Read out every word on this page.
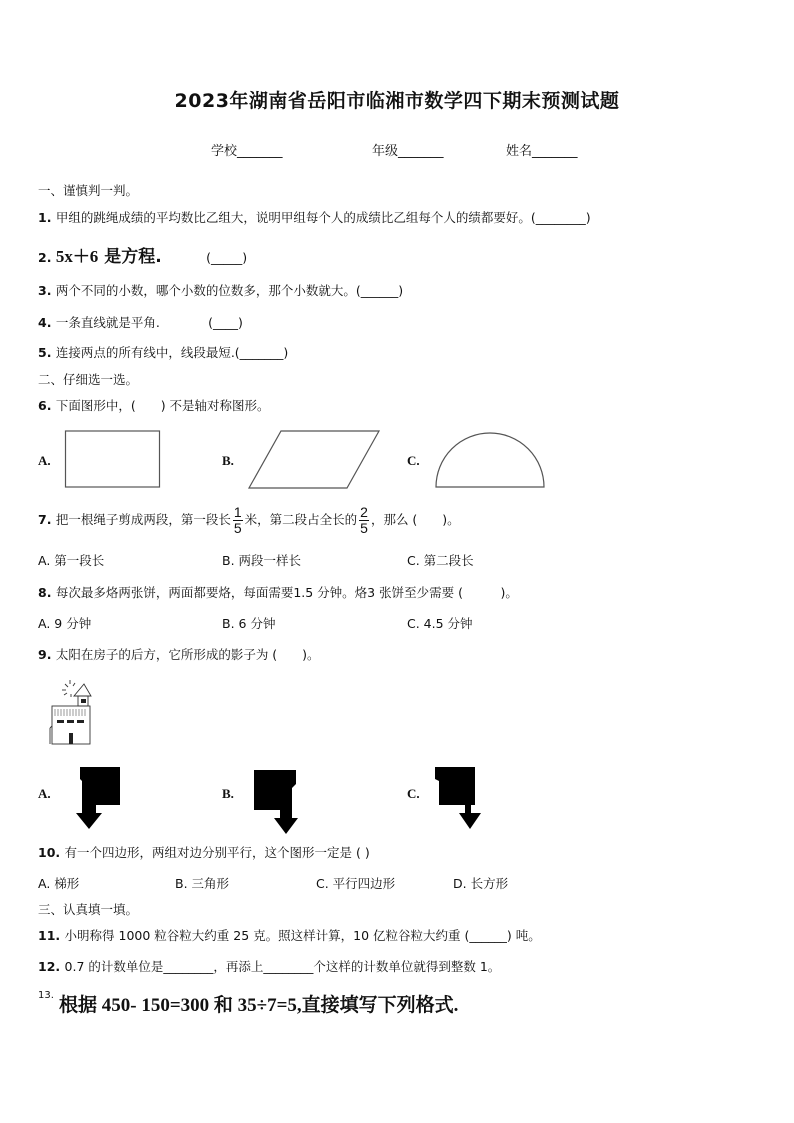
2023年湖南省岳阳市临湘市数学四下期末预测试题
学校_______	年级_______	姓名_______
一、谨慎判一判。
1. 甲组的跳绳成绩的平均数比乙组大，说明甲组每个人的成绩比乙组每个人的绩都要好。(________)
2. 5x＋6 是方程.	(_____)
3. 两个不同的小数，哪个小数的位数多，那个小数就大。(______)
4. 一条直线就是平角.	(____)
5. 连接两点的所有线中，线段最短.(_______)
二、仔细选一选。
6. 下面图形中，(　　) 不是轴对称图形。
A.	B.	C.
7. 把一根绳子剪成两段，第一段长 $\frac{1}{5}$ 米，第二段占全长的 $\frac{2}{5}$ ，那么 (　　)。
A. 第一段长	B. 两段一样长	C. 第二段长
8. 每次最多烙两张饼，两面都要烙，每面需要1.5 分钟。烙3 张饼至少需要 (　　　)。
A. 9 分钟	B. 6 分钟	C. 4.5 分钟
9. 太阳在房子的后方，它所形成的影子为 (　　)。
A.	B.	C.
10. 有一个四边形，两组对边分别平行，这个图形一定是 ( )
A. 梯形	B. 三角形	C. 平行四边形	D. 长方形
三、认真填一填。
11. 小明称得 1000 粒谷粒大约重 25 克。照这样计算，10 亿粒谷粒大约重 (______) 吨。
12. 0.7 的计数单位是________，再添上________个这样的计数单位就得到整数 1。
$^{13.}$ 根据 450- 150=300 和 35÷7=5,直接填写下列格式.
